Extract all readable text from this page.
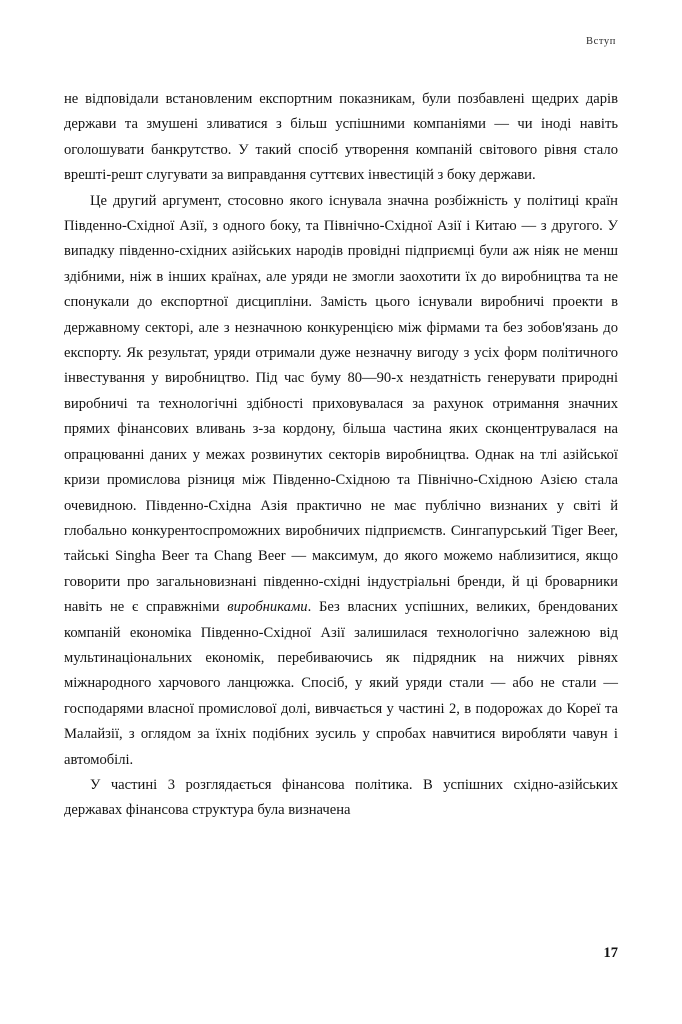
Вступ

не відповідали встановленим експортним показникам, були позбавлені щедрих дарів держави та змушені зливатися з більш успішними компаніями — чи іноді навіть оголошувати банкрутство. У такий спосіб утворення компаній світового рівня стало врешті-решт слугувати за виправдання суттєвих інвестицій з боку держави.

Це другий аргумент, стосовно якого існувала значна розбіжність у політиці країн Південно-Східної Азії, з одного боку, та Північно-Східної Азії і Китаю — з другого. У випадку південно-східних азійських народів провідні підприємці були аж ніяк не менш здібними, ніж в інших країнах, але уряди не змогли заохотити їх до виробництва та не спонукали до експортної дисципліни. Замість цього існували виробничі проекти в державному секторі, але з незначною конкуренцією між фірмами та без зобов'язань до експорту. Як результат, уряди отримали дуже незначну вигоду з усіх форм політичного інвестування у виробництво. Під час буму 80—90-х нездатність генерувати природні виробничі та технологічні здібності приховувалася за рахунок отримання значних прямих фінансових вливань з-за кордону, більша частина яких сконцентрувалася на опрацюванні даних у межах розвинутих секторів виробництва. Однак на тлі азійської кризи промислова різниця між Південно-Східною та Північно-Східною Азією стала очевидною. Південно-Східна Азія практично не має публічно визнаних у світі й глобально конкурентоспроможних виробничих підприємств. Сингапурський Tiger Beer, тайські Singha Beer та Chang Beer — максимум, до якого можемо наблизитися, якщо говорити про загальновизнані південно-східні індустріальні бренди, й ці броварники навіть не є справжніми виробниками. Без власних успішних, великих, брендованих компаній економіка Південно-Східної Азії залишилася технологічно залежною від мультинаціональних економік, перебиваючись як підрядник на нижчих рівнях міжнародного харчового ланцюжка. Спосіб, у який уряди стали — або не стали — господарями власної промислової долі, вивчається у частині 2, в подорожах до Кореї та Малайзії, з оглядом за їхніх подібних зусиль у спробах навчитися виробляти чавун і автомобілі.

У частині 3 розглядається фінансова політика. В успішних східно-азійських державах фінансова структура була визначена

17
